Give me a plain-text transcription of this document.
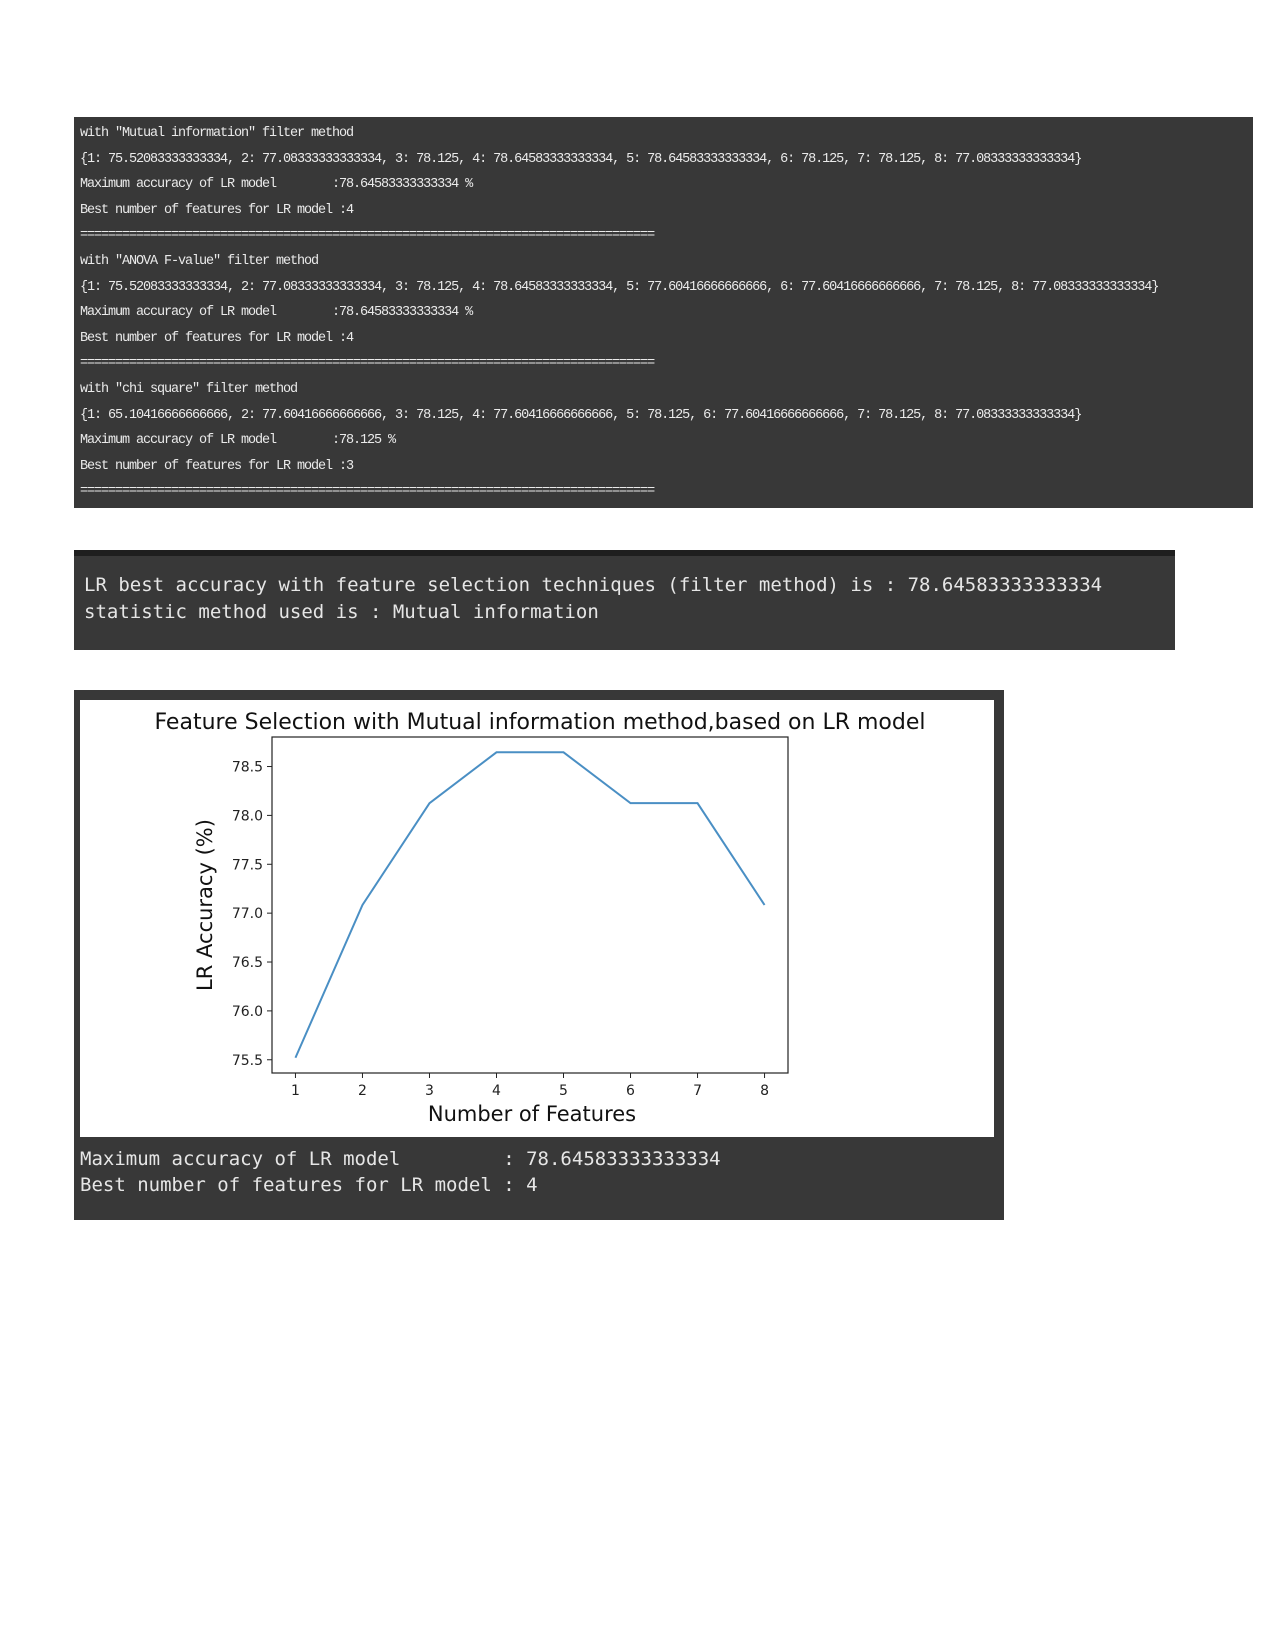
with "Mutual information" filter method
{1: 75.52083333333334, 2: 77.08333333333334, 3: 78.125, 4: 78.64583333333334, 5: 78.64583333333334, 6: 78.125, 7: 78.125, 8: 77.08333333333334}
Maximum accuracy of LR model        :78.64583333333334 %
Best number of features for LR model :4
==================================================================================
with "ANOVA F-value" filter method
{1: 75.52083333333334, 2: 77.08333333333334, 3: 78.125, 4: 78.64583333333334, 5: 77.60416666666666, 6: 77.60416666666666, 7: 78.125, 8: 77.08333333333334}
Maximum accuracy of LR model        :78.64583333333334 %
Best number of features for LR model :4
==================================================================================
with "chi square" filter method
{1: 65.10416666666666, 2: 77.60416666666666, 3: 78.125, 4: 77.60416666666666, 5: 78.125, 6: 77.60416666666666, 7: 78.125, 8: 77.08333333333334}
Maximum accuracy of LR model        :78.125 %
Best number of features for LR model :3
==================================================================================
LR best accuracy with feature selection techniques (filter method) is : 78.64583333333334
statistic method used is : Mutual information
Feature Selection with Mutual information method,based on LR model
75.5
76.0
76.5
77.0
77.5
78.0
78.5
1	2	3	4	5	6	7	8
LR Accuracy (%)
Number of Features
Maximum accuracy of LR model         : 78.64583333333334
Best number of features for LR model : 4
